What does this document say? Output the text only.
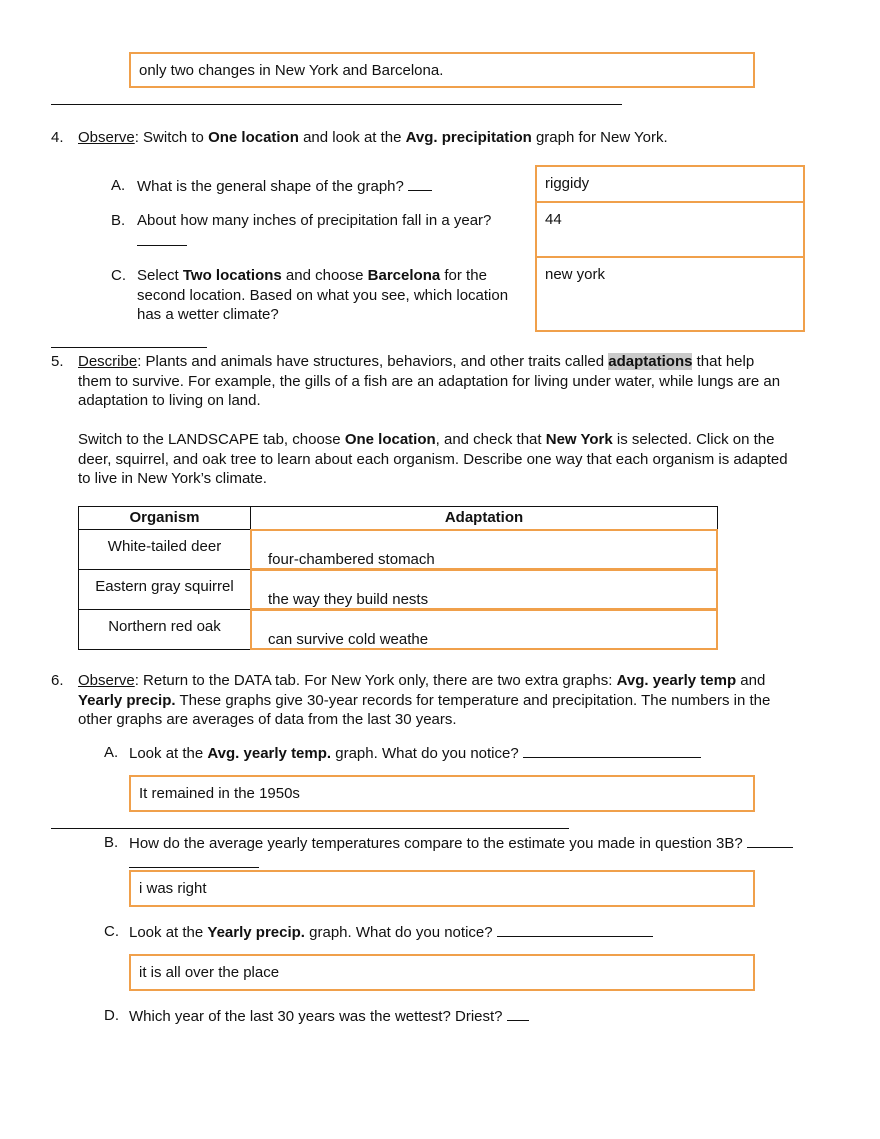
only two changes in New York and Barcelona.
4. Observe: Switch to One location and look at the Avg. precipitation graph for New York.
A. What is the general shape of the graph?
B. About how many inches of precipitation fall in a year?
C. Select Two locations and choose Barcelona for the
second location. Based on what you see, which location
has a wetter climate?
riggidy
44
new york
5. Describe: Plants and animals have structures, behaviors, and other traits called adaptations that help
them to survive. For example, the gills of a fish are an adaptation for living under water, while lungs are an
adaptation to living on land.
Switch to the LANDSCAPE tab, choose One location, and check that New York is selected. Click on the
deer, squirrel, and oak tree to learn about each organism. Describe one way that each organism is adapted
to live in New York’s climate.
Organism	Adaptation
White-tailed deer
four-chambered stomach
Eastern gray squirrel
the way they build nests
Northern red oak
can survive cold weathe
6. Observe: Return to the DATA tab. For New York only, there are two extra graphs: Avg. yearly temp and
Yearly precip. These graphs give 30-year records for temperature and precipitation. The numbers in the
other graphs are averages of data from the last 30 years.
A. Look at the Avg. yearly temp. graph. What do you notice?
It remained in the 1950s
B. How do the average yearly temperatures compare to the estimate you made in question 3B?
i was right
C. Look at the Yearly precip. graph. What do you notice?
it is all over the place
D. Which year of the last 30 years was the wettest? Driest?
